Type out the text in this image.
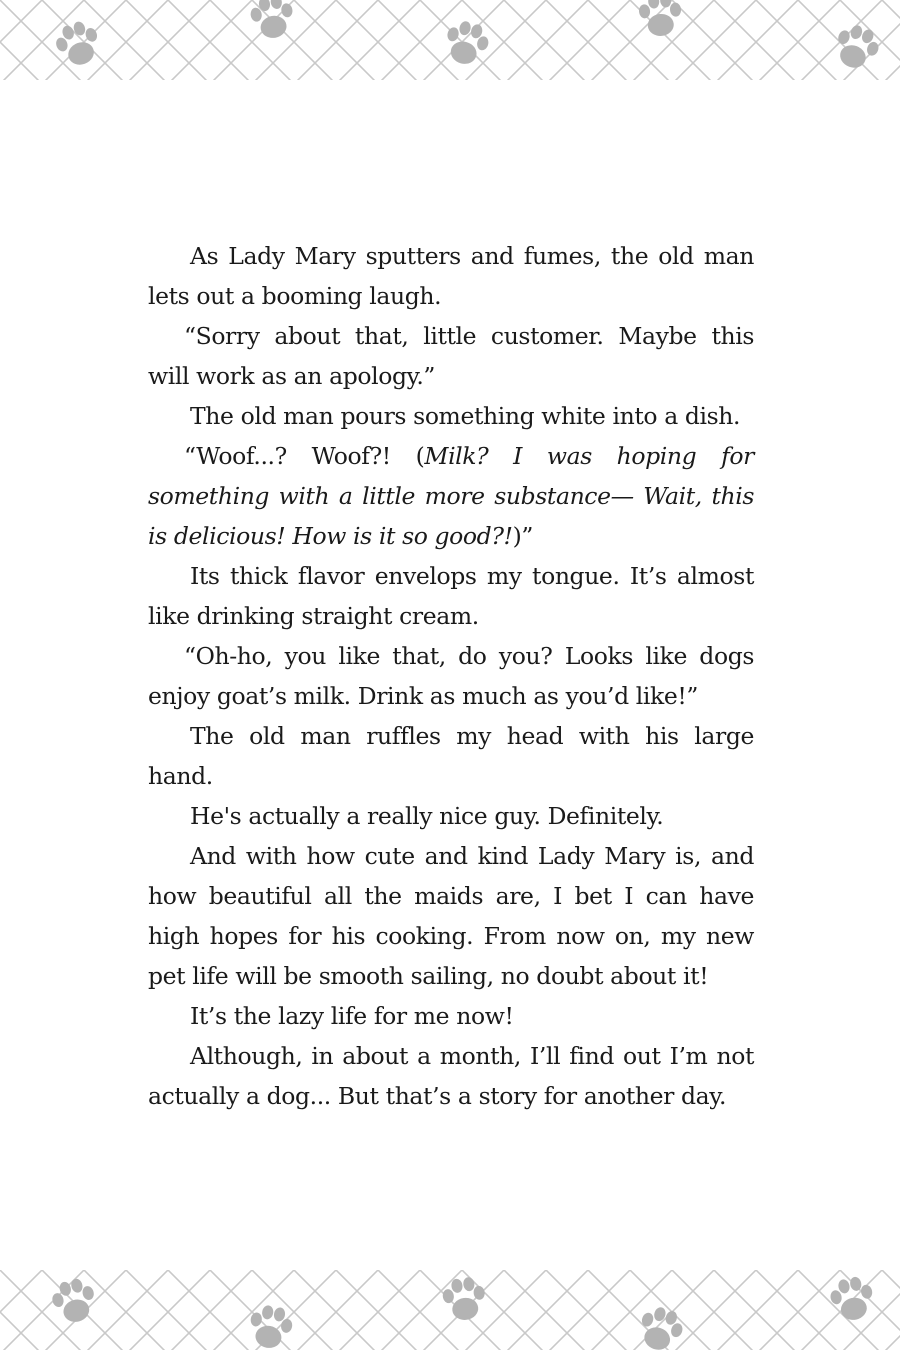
As Lady Mary sputters and fumes, the old man lets out a booming laugh.

“Sorry about that, little customer. Maybe this will work as an apology.”

The old man pours something white into a dish.

“Woof...? Woof?! (Milk? I was hoping for something with a little more substance— Wait, this is delicious! How is it so good?!)”

Its thick flavor envelops my tongue. It’s almost like drinking straight cream.

“Oh-ho, you like that, do you? Looks like dogs enjoy goat’s milk. Drink as much as you’d like!”

The old man ruffles my head with his large hand.

He's actually a really nice guy. Definitely.

And with how cute and kind Lady Mary is, and how beautiful all the maids are, I bet I can have high hopes for his cooking. From now on, my new pet life will be smooth sailing, no doubt about it!

It’s the lazy life for me now!

Although, in about a month, I’ll find out I’m not actually a dog... But that’s a story for another day.
